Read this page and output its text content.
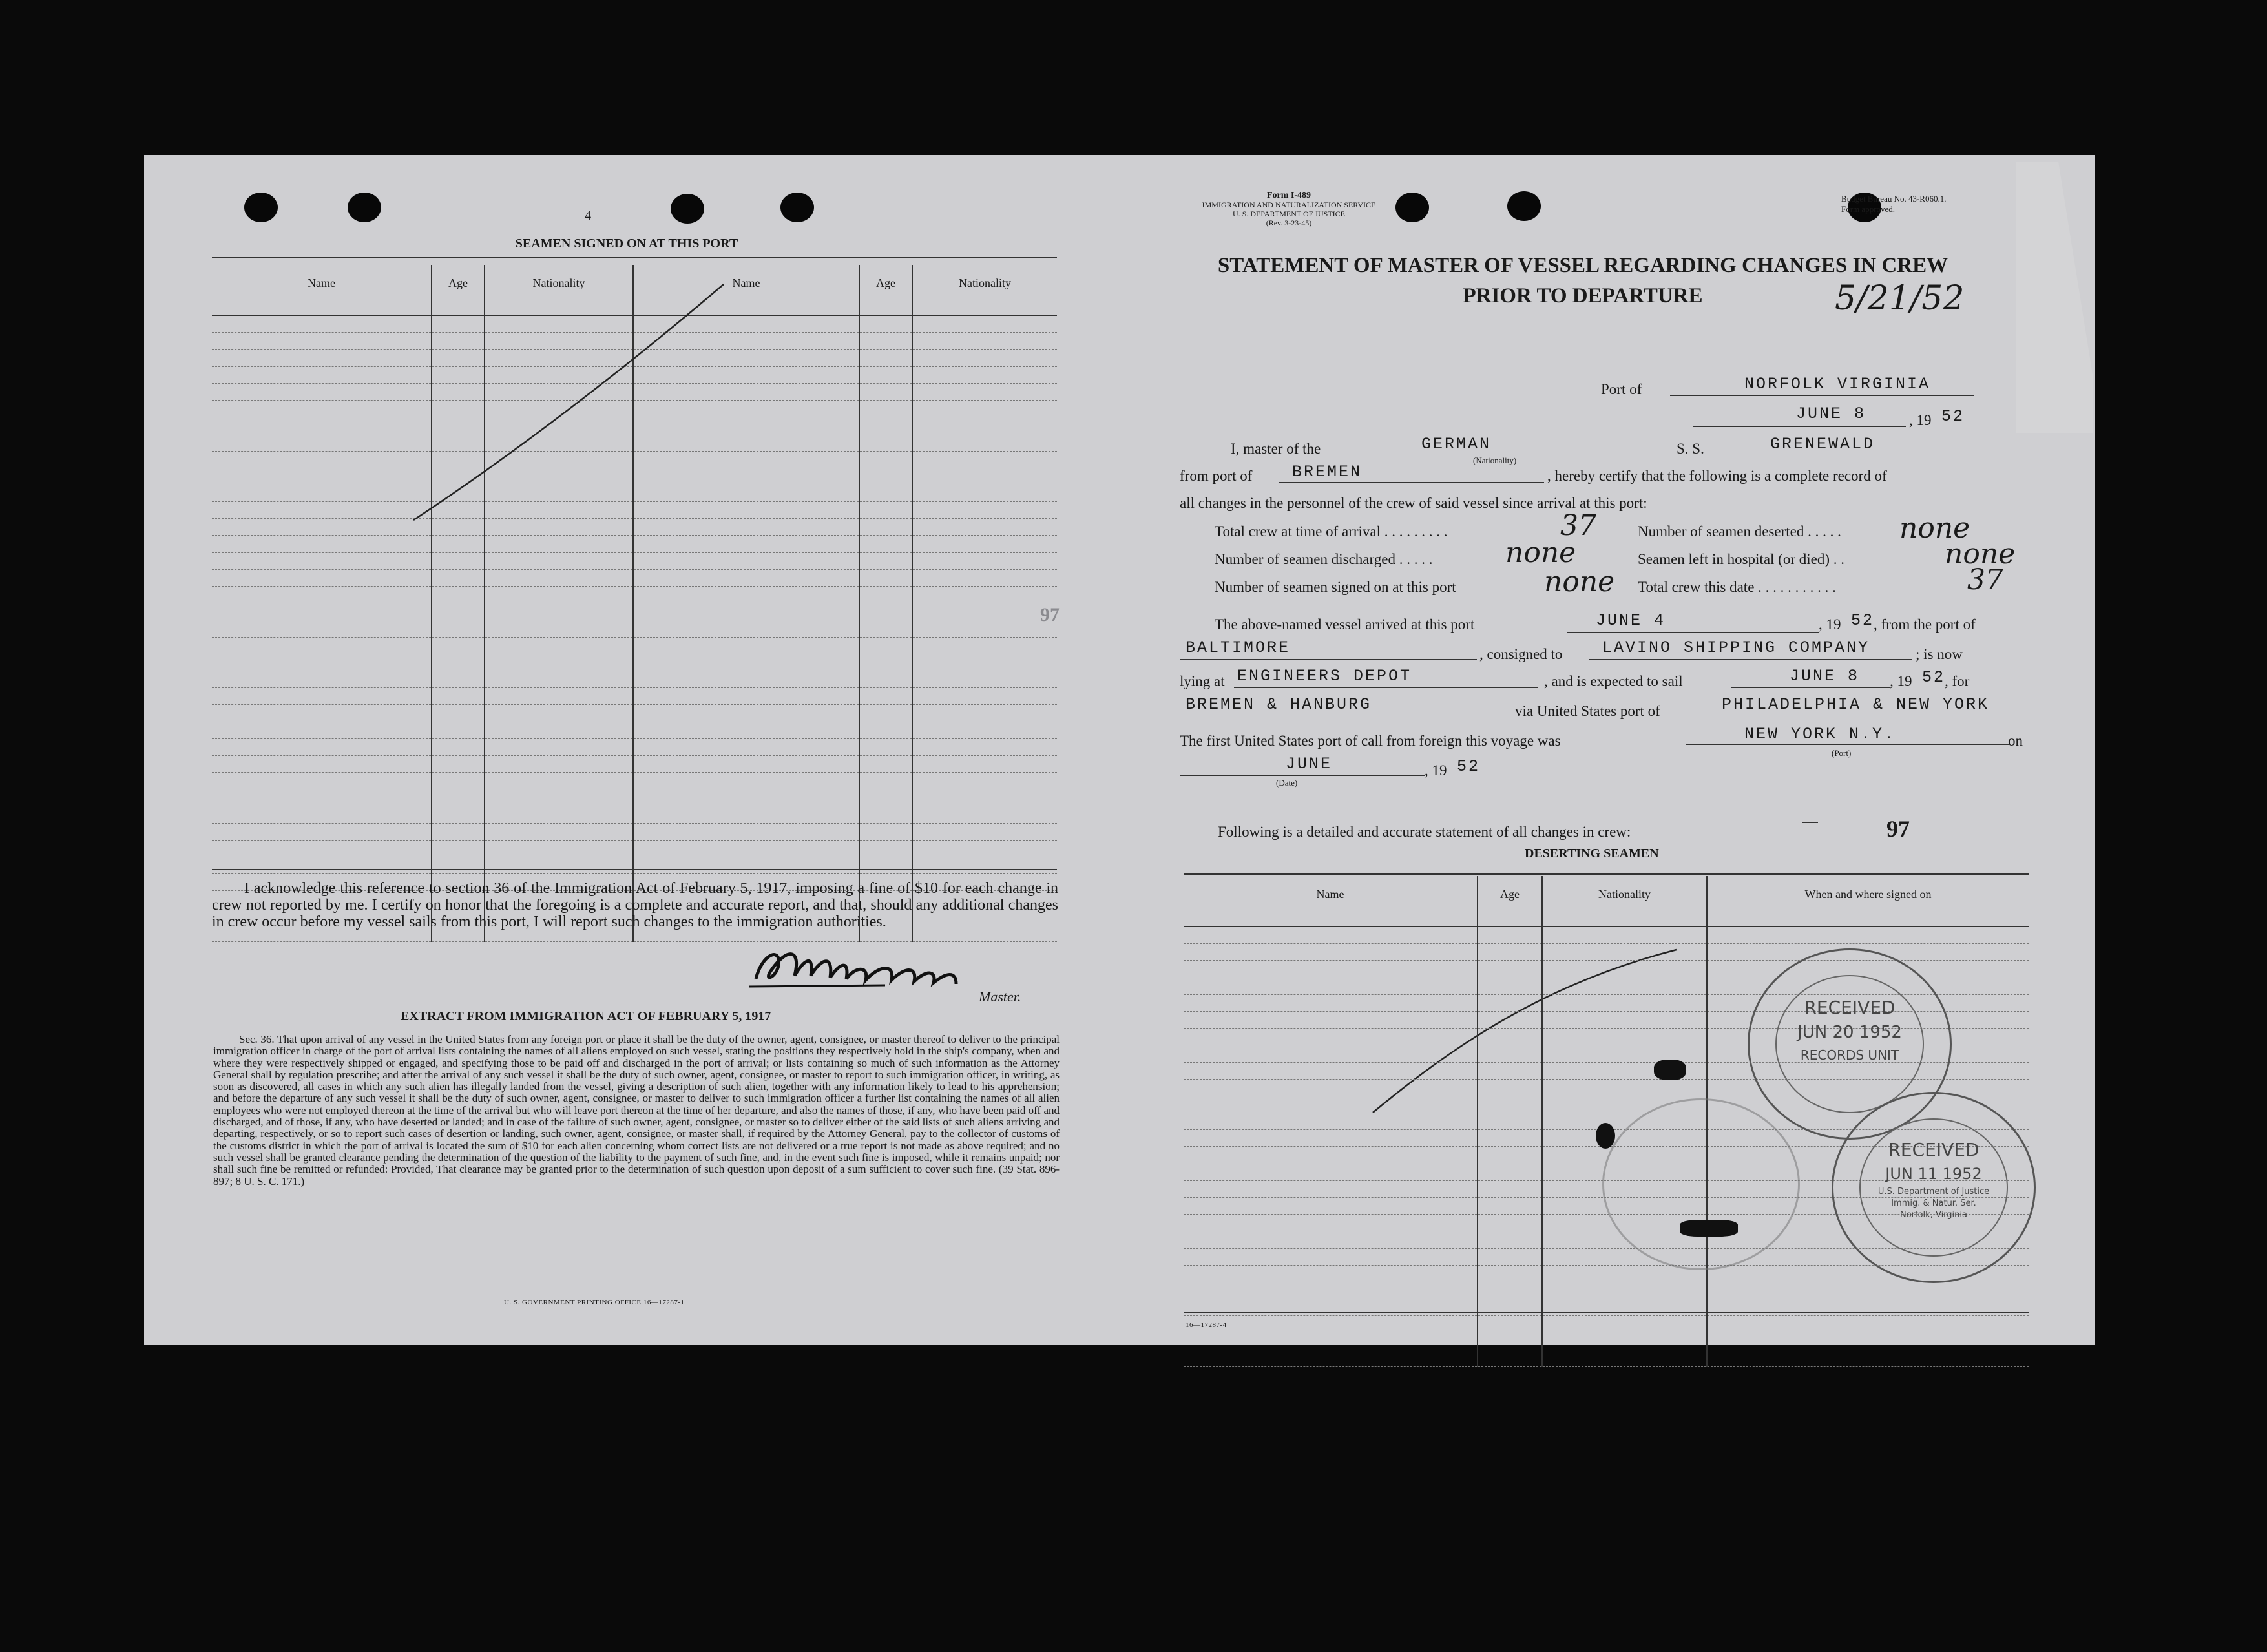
4
SEAMEN SIGNED ON AT THIS PORT
Name	Age	Nationality	Name	Age	Nationality

I acknowledge this reference to section 36 of the Immigration Act of February 5, 1917, imposing a fine of $10 for each change in crew not reported by me. I certify on honor that the foregoing is a complete and accurate report, and that, should any additional changes in crew occur before my vessel sails from this port, I will report such changes to the immigration authorities.
Master.
EXTRACT FROM IMMIGRATION ACT OF FEBRUARY 5, 1917
Sec. 36. That upon arrival of any vessel in the United States from any foreign port or place it shall be the duty of the owner, agent, consignee, or master thereof to deliver to the principal immigration officer in charge of the port of arrival lists containing the names of all aliens employed on such vessel, stating the positions they respectively hold in the ship's company, when and where they were respectively shipped or engaged, and specifying those to be paid off and discharged in the port of arrival; or lists containing so much of such information as the Attorney General shall by regulation prescribe; and after the arrival of any such vessel it shall be the duty of such owner, agent, consignee, or master to report to such immigration officer, in writing, as soon as discovered, all cases in which any such alien has illegally landed from the vessel, giving a description of such alien, together with any information likely to lead to his apprehension; and before the departure of any such vessel it shall be the duty of such owner, agent, consignee, or master to deliver to such immigration officer a further list containing the names of all alien employees who were not employed thereon at the time of the arrival but who will leave port thereon at the time of her departure, and also the names of those, if any, who have been paid off and discharged, and of those, if any, who have deserted or landed; and in case of the failure of such owner, agent, consignee, or master so to deliver either of the said lists of such aliens arriving and departing, respectively, or so to report such cases of desertion or landing, such owner, agent, consignee, or master shall, if required by the Attorney General, pay to the collector of customs of the customs district in which the port of arrival is located the sum of $10 for each alien concerning whom correct lists are not delivered or a true report is not made as above required; and no such vessel shall be granted clearance pending the determination of the question of the liability to the payment of such fine, and, in the event such fine is imposed, while it remains unpaid; nor shall such fine be remitted or refunded: Provided, That clearance may be granted prior to the determination of such question upon deposit of a sum sufficient to cover such fine. (39 Stat. 896-897; 8 U. S. C. 171.)
U. S. GOVERNMENT PRINTING OFFICE 16—17287-1
97
Form I-489
IMMIGRATION AND NATURALIZATION SERVICE
U. S. DEPARTMENT OF JUSTICE
(Rev. 3-23-45)
Budget Bureau No. 43-R060.1.
Form approved.
STATEMENT OF MASTER OF VESSEL REGARDING CHANGES IN CREW
PRIOR TO DEPARTURE	5/21/52
Port of	NORFOLK VIRGINIA
JUNE 8	, 19 52
I, master of the	GERMAN
(Nationality)
S. S.	GRENEWALD
from port of BREMEN	, hereby certify that the following is a complete record of
all changes in the personnel of the crew of said vessel since arrival at this port:
Total crew at time of arrival . . . . . . . . .	37	Number of seamen deserted . . . . . none
Number of seamen discharged . . . . .	none	Seamen left in hospital (or died) . .	none
Number of seamen signed on at this port	none Total crew this date . . . . . . . . . . .	37
The above-named vessel arrived at this port	JUNE 4	, 19 52
, from the port of
BALTIMORE	, consigned to LAVINO SHIPPING COMPANY	; is now
lying at ENGINEERS DEPOT	, and is expected to sail	JUNE 8 , 19 52
, for
BREMEN & HANBURG	via United States port of	PHILADELPHIA & NEW YORK
The first United States port of call from foreign this voyage was	NEW YORK N.Y.
(Port)
on
JUNE
(Date)
, 19 52
Following is a detailed and accurate statement of all changes in crew:	97
DESERTING SEAMEN
Name	Age	Nationality	When and where signed on

16—17287-4
RECEIVED
JUN 20 1952
RECORDS UNIT
RECEIVED
JUN 11 1952
U.S. Department of Justice
Immig. & Natur. Ser.
Norfolk, Virginia
